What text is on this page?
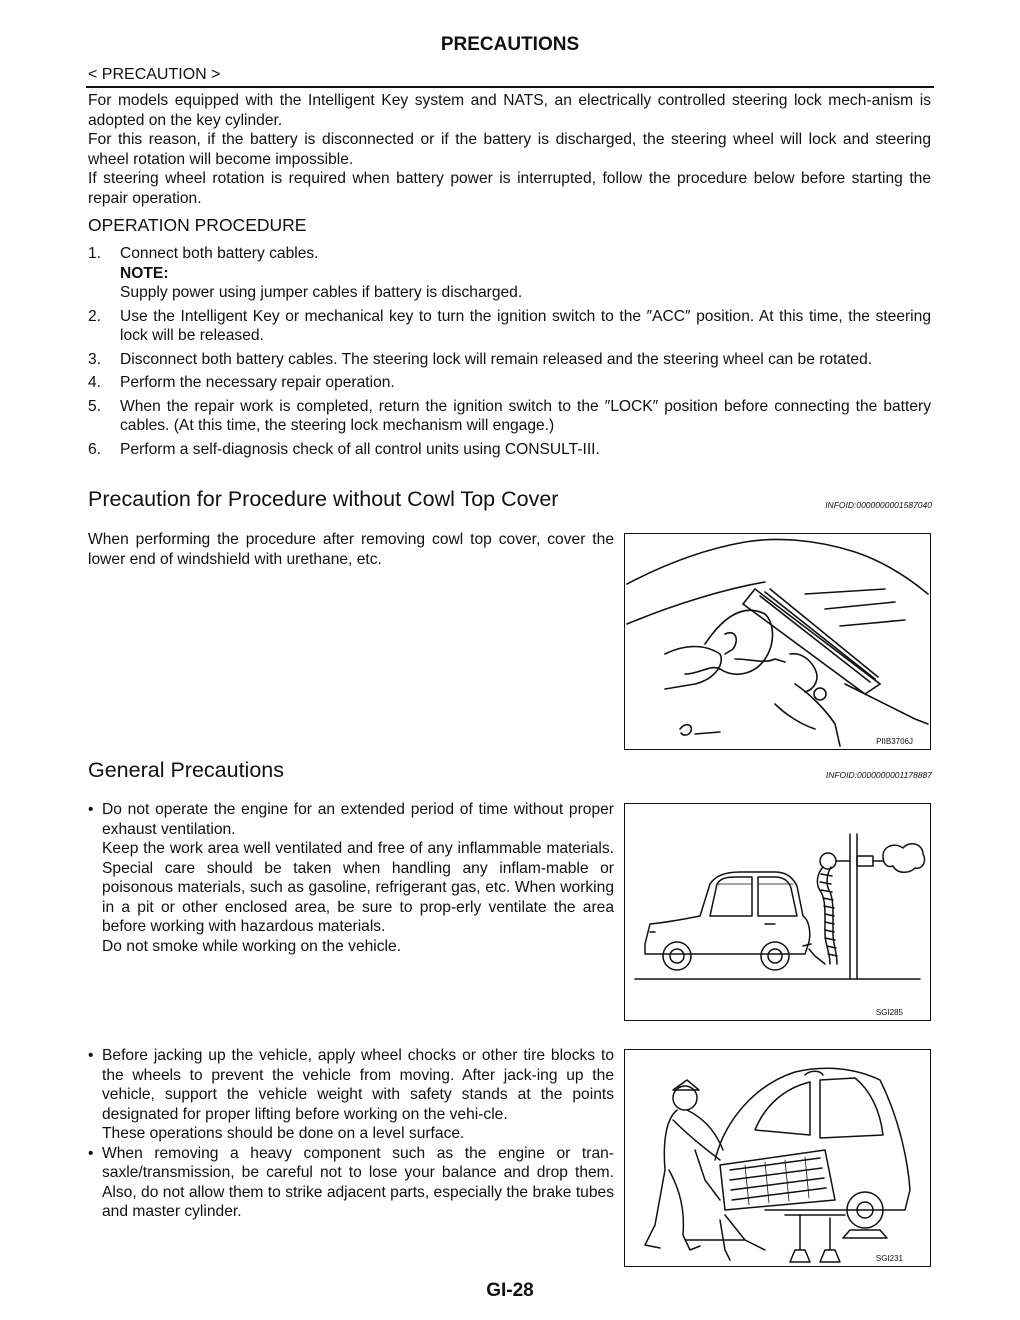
PRECAUTIONS
< PRECAUTION >

For models equipped with the Intelligent Key system and NATS, an electrically controlled steering lock mech-anism is adopted on the key cylinder.

For this reason, if the battery is disconnected or if the battery is discharged, the steering wheel will lock and steering wheel rotation will become impossible.

If steering wheel rotation is required when battery power is interrupted, follow the procedure below before starting the repair operation.

OPERATION PROCEDURE
1. Connect both battery cables.
NOTE:
Supply power using jumper cables if battery is discharged.
2. Use the Intelligent Key or mechanical key to turn the ignition switch to the ″ACC″ position. At this time, the steering lock will be released.
3. Disconnect both battery cables. The steering lock will remain released and the steering wheel can be rotated.
4. Perform the necessary repair operation.
5. When the repair work is completed, return the ignition switch to the ″LOCK″ position before connecting the battery cables. (At this time, the steering lock mechanism will engage.)
6. Perform a self-diagnosis check of all control units using CONSULT-III.
Precaution for Procedure without Cowl Top Cover	INFOID:0000000001587040
When performing the procedure after removing cowl top cover, cover the lower end of windshield with urethane, etc.
PIIB3706J
General Precautions	INFOID:0000000001178887
• Do not operate the engine for an extended period of time without proper exhaust ventilation.

Keep the work area well ventilated and free of any inflammable materials. Special care should be taken when handling any inflam-mable or poisonous materials, such as gasoline, refrigerant gas, etc. When working in a pit or other enclosed area, be sure to prop-erly ventilate the area before working with hazardous materials.

Do not smoke while working on the vehicle.

SGI285
• Before jacking up the vehicle, apply wheel chocks or other tire blocks to the wheels to prevent the vehicle from moving. After jack-ing up the vehicle, support the vehicle weight with safety stands at the points designated for proper lifting before working on the vehi-cle.

These operations should be done on a level surface.

• When removing a heavy component such as the engine or tran-saxle/transmission, be careful not to lose your balance and drop them. Also, do not allow them to strike adjacent parts, especially the brake tubes and master cylinder.

SGI231
GI-28
